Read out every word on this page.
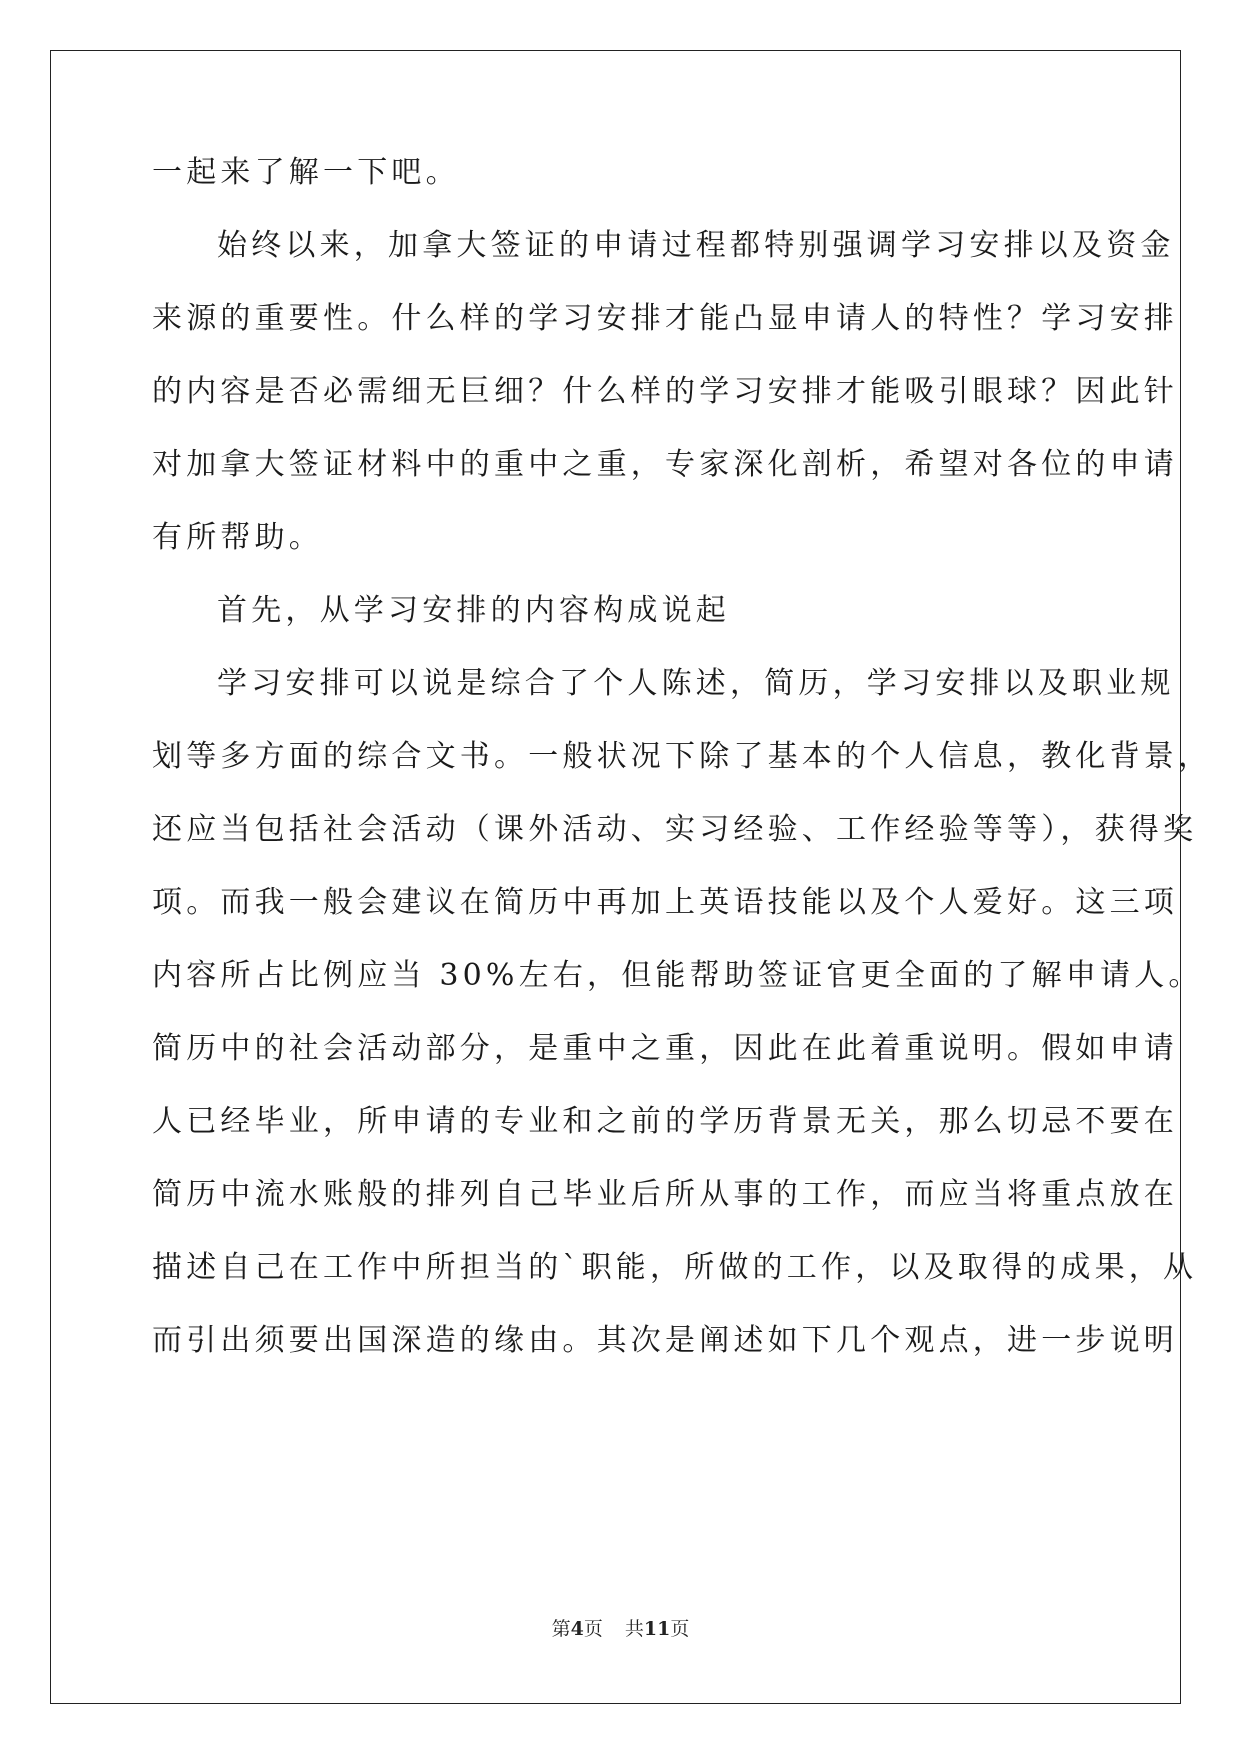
一起来了解一下吧。
始终以来，加拿大签证的申请过程都特别强调学习安排以及资金
来源的重要性。什么样的学习安排才能凸显申请人的特性？学习安排
的内容是否必需细无巨细？什么样的学习安排才能吸引眼球？因此针
对加拿大签证材料中的重中之重，专家深化剖析，希望对各位的申请
有所帮助。
首先，从学习安排的内容构成说起
学习安排可以说是综合了个人陈述，简历，学习安排以及职业规
划等多方面的综合文书。一般状况下除了基本的个人信息，教化背景，
还应当包括社会活动（课外活动、实习经验、工作经验等等），获得奖
项。而我一般会建议在简历中再加上英语技能以及个人爱好。这三项
内容所占比例应当 30%左右，但能帮助签证官更全面的了解申请人。
简历中的社会活动部分，是重中之重，因此在此着重说明。假如申请
人已经毕业，所申请的专业和之前的学历背景无关，那么切忌不要在
简历中流水账般的排列自己毕业后所从事的工作，而应当将重点放在
描述自己在工作中所担当的`职能，所做的工作，以及取得的成果，从
而引出须要出国深造的缘由。其次是阐述如下几个观点，进一步说明
第4页 共11页
